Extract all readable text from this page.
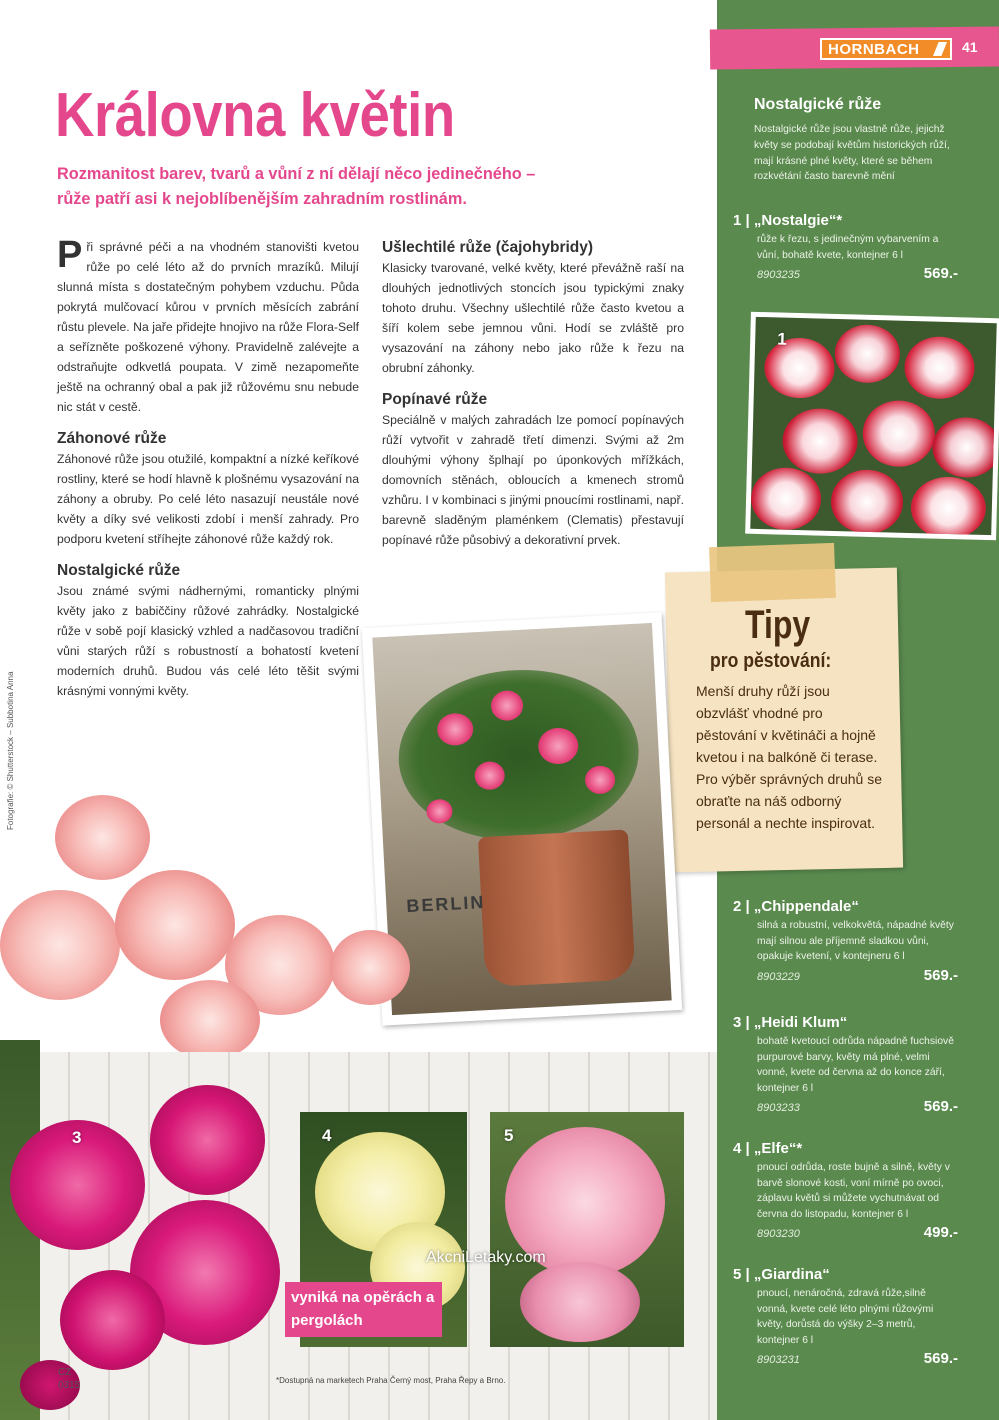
HORNBACH	41
Královna květin
Rozmanitost barev, tvarů a vůní z ní dělají něco jedinečného – růže patří asi k nejoblíbenějším zahradním rostlinám.

Při správné péči a na vhodném stanovišti kvetou růže po celé léto až do prvních mrazíků. Milují slunná místa s dostatečným pohybem vzduchu. Půda pokrytá mulčovací kůrou v prvních měsících zabrání růstu plevele. Na jaře přidejte hnojivo na růže Flora-Self a seřízněte poškozené výhony. Pravidelně zalévejte a odstraňujte odkvetlá poupata. V zimě nezapomeňte ještě na ochranný obal a pak již růžovému snu nebude nic stát v cestě.

Záhonové růže

Záhonové růže jsou otužilé, kompaktní a nízké keříkové rostliny, které se hodí hlavně k plošnému vysazování na záhony a obruby. Po celé léto nasazují neustále nové květy a díky své velikosti zdobí i menší zahrady. Pro podporu kvetení stříhejte záhonové růže každý rok.

Nostalgické růže

Jsou známé svými nádhernými, romanticky plnými květy jako z babiččiny růžové zahrádky. Nostalgické růže v sobě pojí klasický vzhled a nadčasovou tradiční vůni starých růží s robustností a bohatostí kvetení moderních druhů. Budou vás celé léto těšit svými krásnými vonnými květy.

Ušlechtilé růže (čajohybridy)

Klasicky tvarované, velké květy, které převážně raší na dlouhých jednotlivých stoncích jsou typickými znaky tohoto druhu. Všechny ušlechtilé růže často kvetou a šíří kolem sebe jemnou vůni. Hodí se zvláště pro vysazování na záhony nebo jako růže k řezu na obrubní záhonky.

Popínavé růže

Speciálně v malých zahradách lze pomocí popínavých růží vytvořit v zahradě třetí dimenzi. Svými až 2m dlouhými výhony šplhají po úponkových mřížkách, domovních stěnách, obloucích a kmenech stromů vzhůru. I v kombinaci s jinými pnoucími rostlinami, např. barevně sladěným plaménkem (Clematis) přestavují popínavé růže působivý a dekorativní prvek.

Fotografie: © Shutterstock – Subbotina Anna
Nostalgické růže
Nostalgické růže jsou vlastně růže, jejichž květy se podobají květům historických růží, mají krásné plné květy, které se během rozkvétání často barevně mění
1 | „Nostalgie“*
růže k řezu, s jedinečným vybarvením a vůní, bohatě kvete, kontejner 6 l
8903235	569.-
1
Tipy
pro pěstování:
Menší druhy růží jsou obzvlášť vhodné pro pěstování v květináči a hojně kvetou i na balkóně či terase. Pro výběr správných druhů se obraťte na náš odborný personál a nechte inspirovat.
BERLIN
3	4	5
vyniká na opěrách a pergolách
AkcniLetaky.com
*Dostupná na marketech Praha Černý most, Praha Řepy a Brno.
CZ
0315
2 | „Chippendale“
silná a robustní, velkokvětá, nápadné květy mají silnou ale příjemně sladkou vůni, opakuje kvetení, v kontejneru 6 l
8903229	569.-
3 | „Heidi Klum“
bohatě kvetoucí odrůda nápadně fuchsiově purpurové barvy, květy má plné, velmi vonné, kvete od června až do konce září, kontejner 6 l
8903233	569.-
4 | „Elfe“*
pnoucí odrůda, roste bujně a silně, květy v barvě slonové kosti, voní mírně po ovoci, záplavu květů si můžete vychutnávat od června do listopadu, kontejner 6 l
8903230	499.-
5 | „Giardina“
pnoucí, nenáročná, zdravá růže,silně vonná, kvete celé léto plnými růžovými květy, dorůstá do výšky 2–3 metrů, kontejner 6 l
8903231	569.-
